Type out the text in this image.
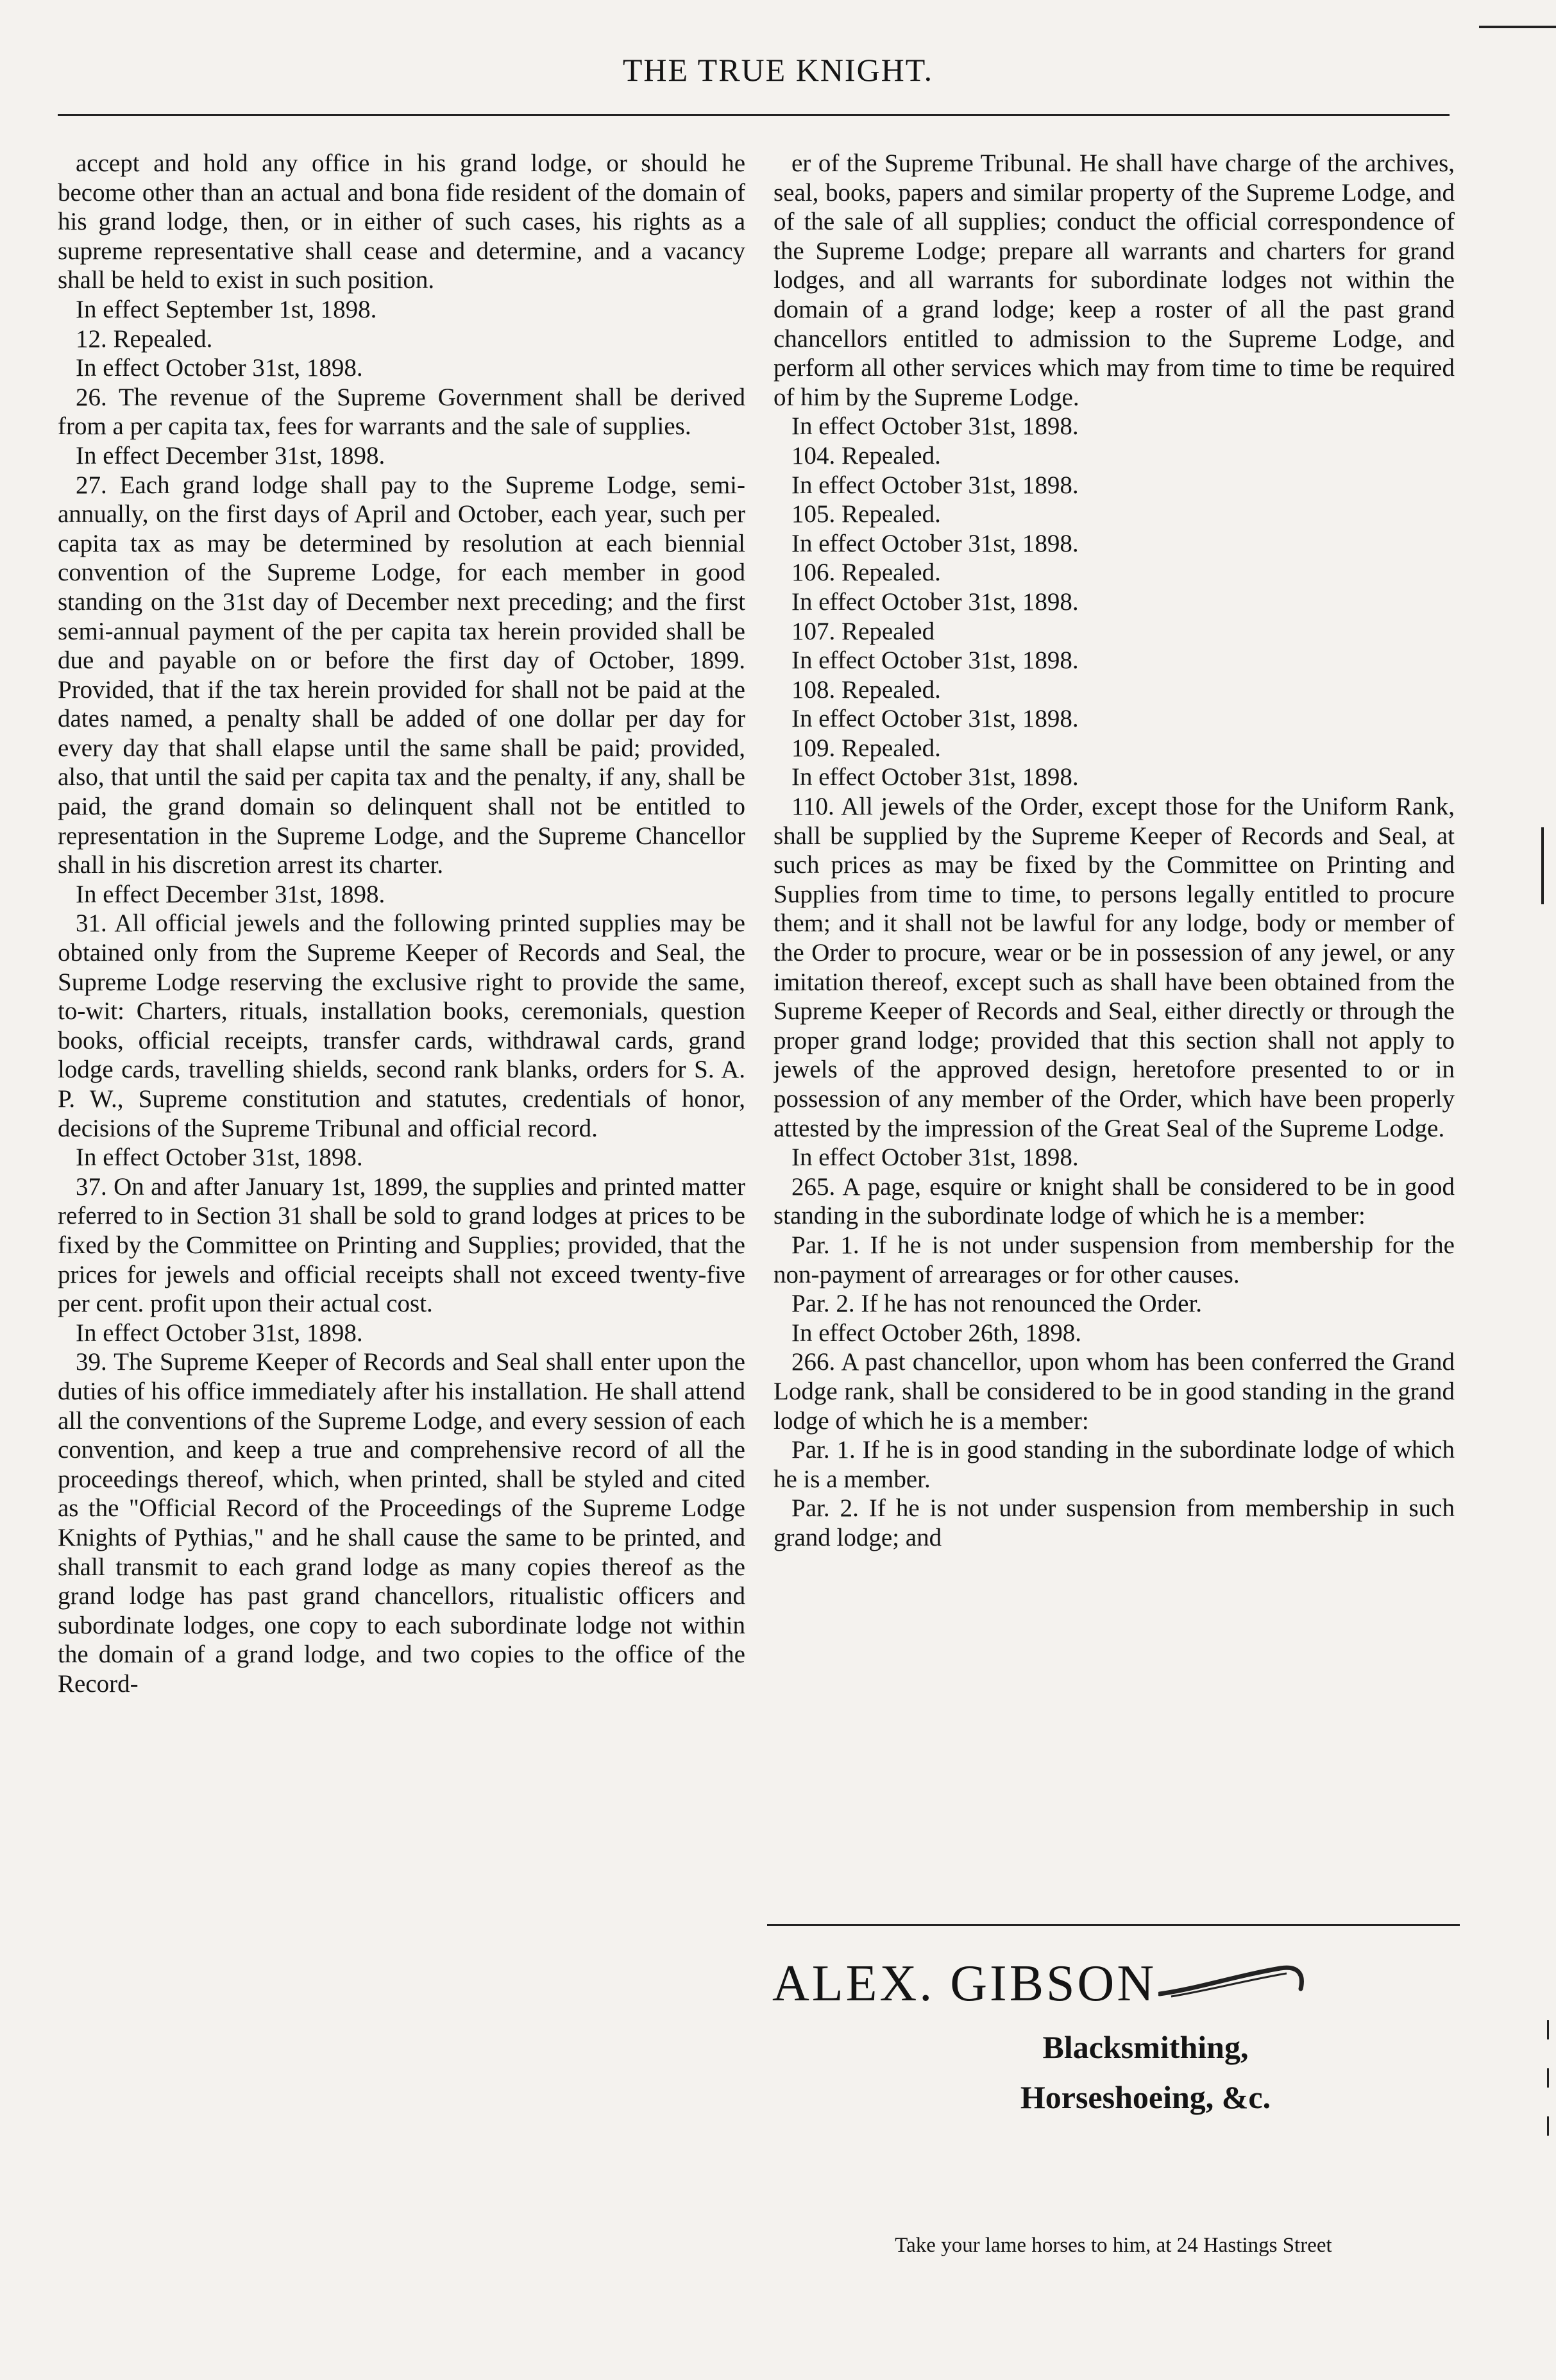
THE TRUE KNIGHT.

accept and hold any office in his grand lodge, or should he become other than an actual and bona fide resident of the domain of his grand lodge, then, or in either of such cases, his rights as a supreme representative shall cease and determine, and a vacancy shall be held to exist in such position.

In effect September 1st, 1898.

12. Repealed.

In effect October 31st, 1898.

26. The revenue of the Supreme Government shall be derived from a per capita tax, fees for warrants and the sale of supplies.

In effect December 31st, 1898.

27. Each grand lodge shall pay to the Supreme Lodge, semi-annually, on the first days of April and October, each year, such per capita tax as may be determined by resolution at each biennial convention of the Supreme Lodge, for each member in good standing on the 31st day of December next preceding; and the first semi-annual payment of the per capita tax herein provided shall be due and payable on or before the first day of October, 1899. Provided, that if the tax herein provided for shall not be paid at the dates named, a penalty shall be added of one dollar per day for every day that shall elapse until the same shall be paid; provided, also, that until the said per capita tax and the penalty, if any, shall be paid, the grand domain so delinquent shall not be entitled to representation in the Supreme Lodge, and the Supreme Chancellor shall in his discretion arrest its charter.

In effect December 31st, 1898.

31. All official jewels and the following printed supplies may be obtained only from the Supreme Keeper of Records and Seal, the Supreme Lodge reserving the exclusive right to provide the same, to-wit: Charters, rituals, installation books, ceremonials, question books, official receipts, transfer cards, withdrawal cards, grand lodge cards, travelling shields, second rank blanks, orders for S. A. P. W., Supreme constitution and statutes, credentials of honor, decisions of the Supreme Tribunal and official record.

In effect October 31st, 1898.

37. On and after January 1st, 1899, the supplies and printed matter referred to in Section 31 shall be sold to grand lodges at prices to be fixed by the Committee on Printing and Supplies; provided, that the prices for jewels and official receipts shall not exceed twenty-five per cent. profit upon their actual cost.

In effect October 31st, 1898.

39. The Supreme Keeper of Records and Seal shall enter upon the duties of his office immediately after his installation. He shall attend all the conventions of the Supreme Lodge, and every session of each convention, and keep a true and comprehensive record of all the proceedings thereof, which, when printed, shall be styled and cited as the "Official Record of the Proceedings of the Supreme Lodge Knights of Pythias," and he shall cause the same to be printed, and shall transmit to each grand lodge as many copies thereof as the grand lodge has past grand chancellors, ritualistic officers and subordinate lodges, one copy to each subordinate lodge not within the domain of a grand lodge, and two copies to the office of the Record-

er of the Supreme Tribunal. He shall have charge of the archives, seal, books, papers and similar property of the Supreme Lodge, and of the sale of all supplies; conduct the official correspondence of the Supreme Lodge; prepare all warrants and charters for grand lodges, and all warrants for subordinate lodges not within the domain of a grand lodge; keep a roster of all the past grand chancellors entitled to admission to the Supreme Lodge, and perform all other services which may from time to time be required of him by the Supreme Lodge.

In effect October 31st, 1898.

104. Repealed.

In effect October 31st, 1898.

105. Repealed.

In effect October 31st, 1898.

106. Repealed.

In effect October 31st, 1898.

107. Repealed

In effect October 31st, 1898.

108. Repealed.

In effect October 31st, 1898.

109. Repealed.

In effect October 31st, 1898.

110. All jewels of the Order, except those for the Uniform Rank, shall be supplied by the Supreme Keeper of Records and Seal, at such prices as may be fixed by the Committee on Printing and Supplies from time to time, to persons legally entitled to procure them; and it shall not be lawful for any lodge, body or member of the Order to procure, wear or be in possession of any jewel, or any imitation thereof, except such as shall have been obtained from the Supreme Keeper of Records and Seal, either directly or through the proper grand lodge; provided that this section shall not apply to jewels of the approved design, heretofore presented to or in possession of any member of the Order, which have been properly attested by the impression of the Great Seal of the Supreme Lodge.

In effect October 31st, 1898.

265. A page, esquire or knight shall be considered to be in good standing in the subordinate lodge of which he is a member:

Par. 1. If he is not under suspension from membership for the non-payment of arrearages or for other causes.

Par. 2. If he has not renounced the Order.

In effect October 26th, 1898.

266. A past chancellor, upon whom has been conferred the Grand Lodge rank, shall be considered to be in good standing in the grand lodge of which he is a member:

Par. 1. If he is in good standing in the subordinate lodge of which he is a member.

Par. 2. If he is not under suspension from membership in such grand lodge; and

ALEX. GIBSON
Blacksmithing,
Horseshoeing, &c.
Take your lame horses to him, at 24 Hastings Street
